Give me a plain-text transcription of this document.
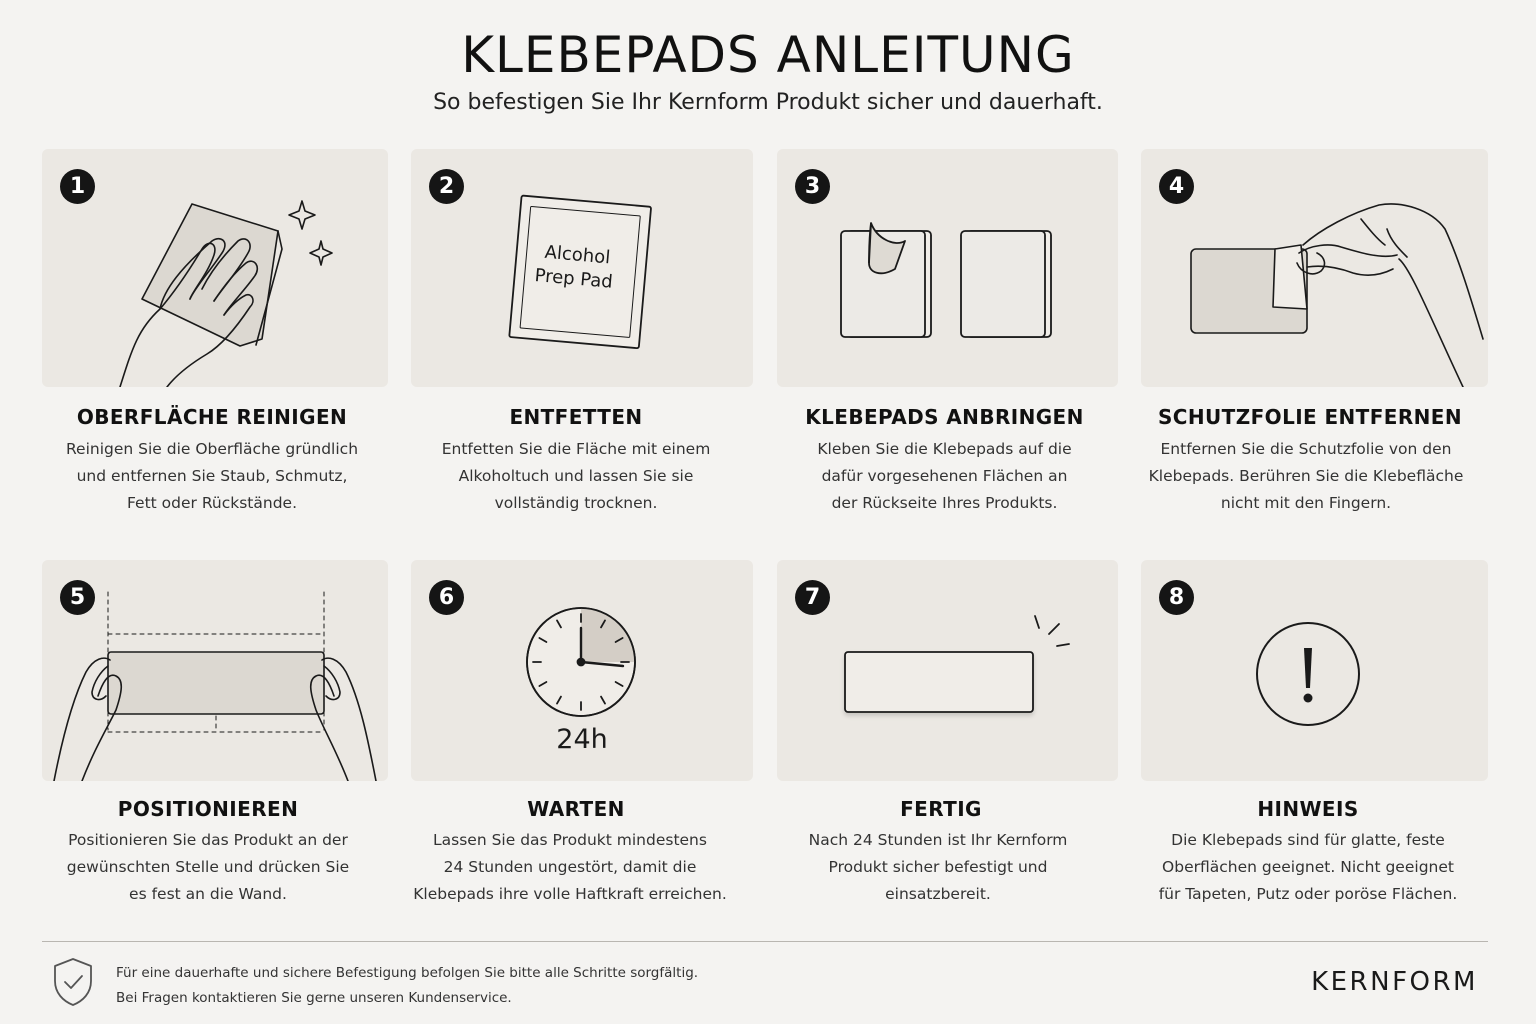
KLEBEPADS ANLEITUNG
So befestigen Sie Ihr Kernform Produkt sicher und dauerhaft.
1
OBERFLÄCHE REINIGEN
Reinigen Sie die Oberfläche gründlich
und entfernen Sie Staub, Schmutz,
Fett oder Rückstände.
2
Alcohol
Prep Pad
ENTFETTEN
Entfetten Sie die Fläche mit einem
Alkoholtuch und lassen Sie sie
vollständig trocknen.
3
KLEBEPADS ANBRINGEN
Kleben Sie die Klebepads auf die
dafür vorgesehenen Flächen an
der Rückseite Ihres Produkts.
4
SCHUTZFOLIE ENTFERNEN
Entfernen Sie die Schutzfolie von den
Klebepads. Berühren Sie die Klebefläche
nicht mit den Fingern.
5
POSITIONIEREN
Positionieren Sie das Produkt an der
gewünschten Stelle und drücken Sie
es fest an die Wand.
6
24h
WARTEN
Lassen Sie das Produkt mindestens
24 Stunden ungestört, damit die
Klebepads ihre volle Haftkraft erreichen.
7
FERTIG
Nach 24 Stunden ist Ihr Kernform
Produkt sicher befestigt und
einsatzbereit.
8
HINWEIS
Die Klebepads sind für glatte, feste
Oberflächen geeignet. Nicht geeignet
für Tapeten, Putz oder poröse Flächen.
Für eine dauerhafte und sichere Befestigung befolgen Sie bitte alle Schritte sorgfältig.
Bei Fragen kontaktieren Sie gerne unseren Kundenservice.
KERNFORM
